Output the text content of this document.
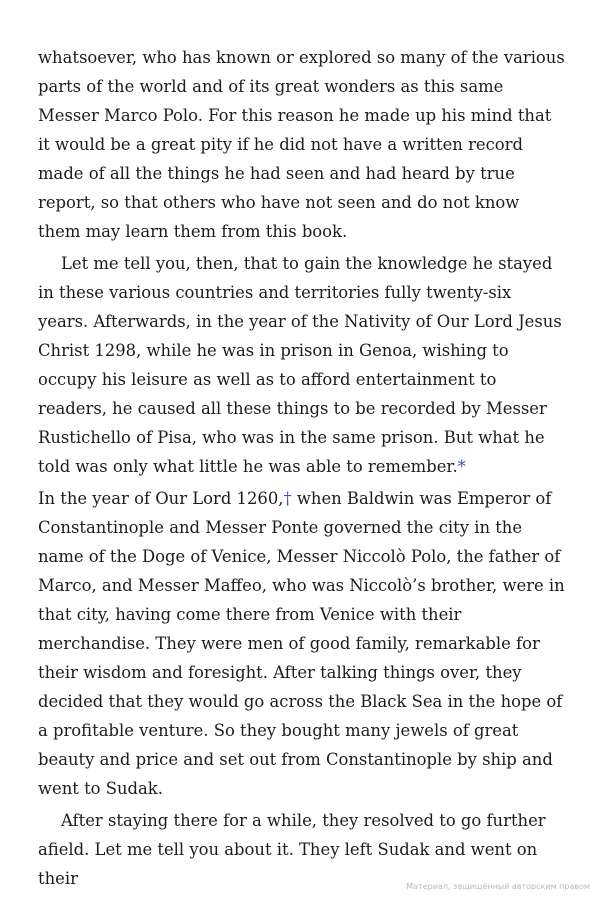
whatsoever, who has known or explored so many of the various parts of the world and of its great wonders as this same Messer Marco Polo. For this reason he made up his mind that it would be a great pity if he did not have a written record made of all the things he had seen and had heard by true report, so that others who have not seen and do not know them may learn them from this book.

Let me tell you, then, that to gain the knowledge he stayed in these various countries and territories fully twenty-six years. Afterwards, in the year of the Nativity of Our Lord Jesus Christ 1298, while he was in prison in Genoa, wishing to occupy his leisure as well as to afford entertainment to readers, he caused all these things to be recorded by Messer Rustichello of Pisa, who was in the same prison. But what he told was only what little he was able to remember.*

In the year of Our Lord 1260,† when Baldwin was Emperor of Constantinople and Messer Ponte governed the city in the name of the Doge of Venice, Messer Niccolò Polo, the father of Marco, and Messer Maffeo, who was Niccolò’s brother, were in that city, having come there from Venice with their merchandise. They were men of good family, remarkable for their wisdom and foresight. After talking things over, they decided that they would go across the Black Sea in the hope of a profitable venture. So they bought many jewels of great beauty and price and set out from Constantinople by ship and went to Sudak.

After staying there for a while, they resolved to go further afield. Let me tell you about it. They left Sudak and went on their	Материал, защищённый авторским правом
